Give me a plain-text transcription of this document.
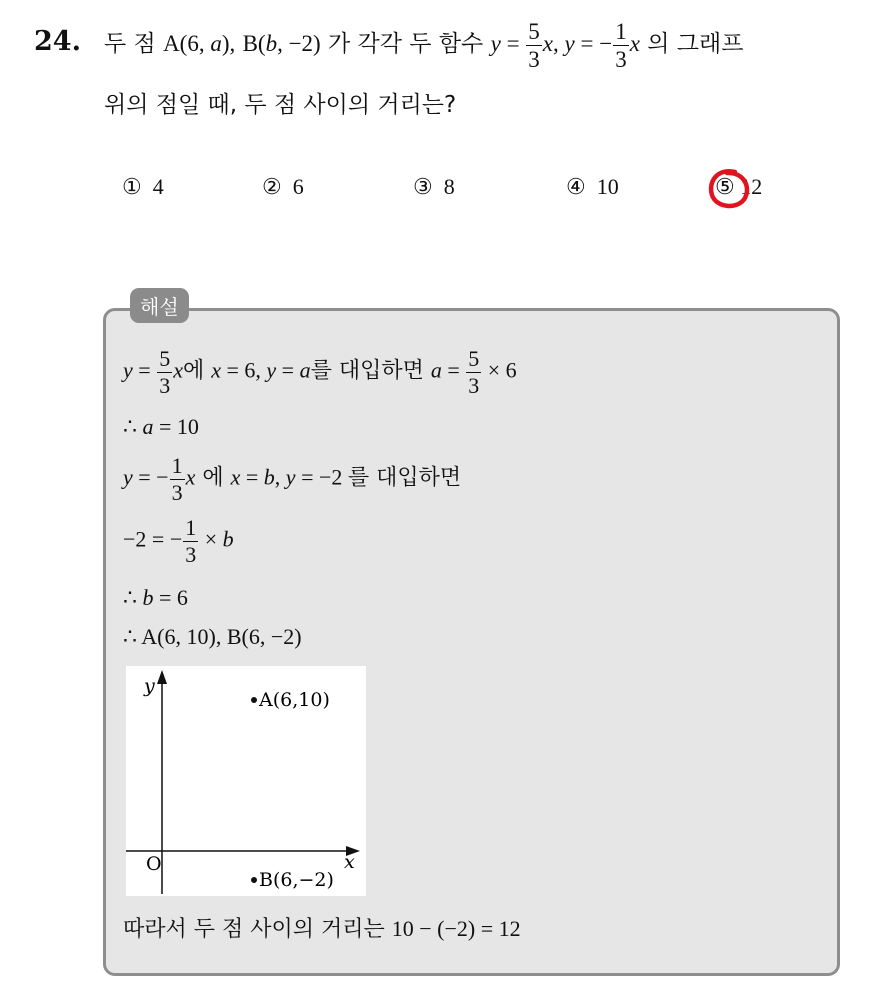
24. 두 점 A(6, a), B(b, −2) 가 각각 두 함수 $y = \frac{5}{3} x$, y = − $\frac{1}{3}$ x 의 그래프
위의 점일 때, 두 점 사이의 거리는?
① 4	② 6	③ 8	④ 10	⑤ 12
해설
$y = \frac{5}{3}$ x에 x = 6, y = a를 대입하면 $a = \frac{5}{3} \times 6$
∴ a = 10
y = − $\frac{1}{3}$ x 에 x = b, y = −2 를 대입하면
−2 = − $\frac{1}{3} \times b$
∴ b = 6
∴ A(6, 10), B(6, −2)
y
x
O
A(6,10)
B(6,−2)
따라서 두 점 사이의 거리는 10 − (−2) = 12
